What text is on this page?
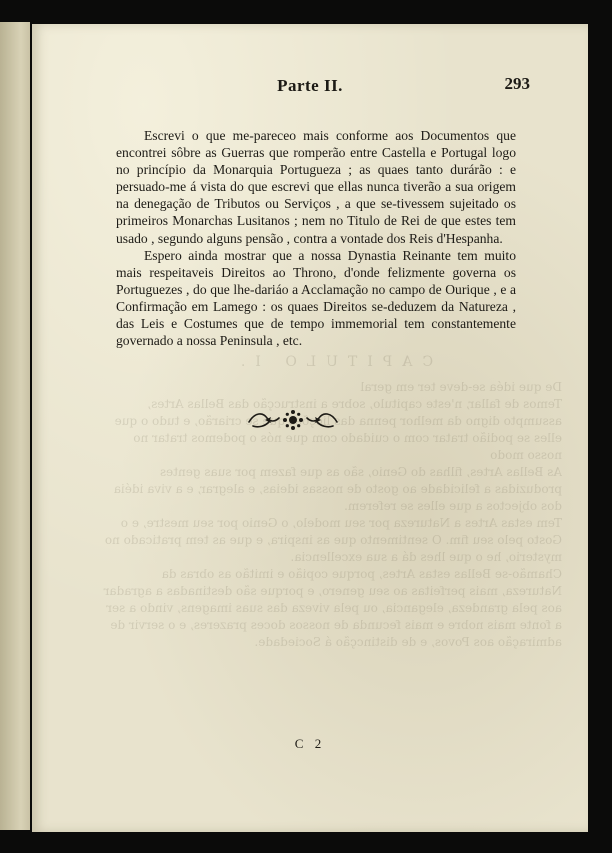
CAPITULO I.
De que idéa se-deve ter em geral
Temos de fallar, n'este capitulo, sobre a instrucção das Bellas Artes, assumpto digno da melhor penna das licções que se criarão, e tudo o que elles se podião tratar com o cuidado com que nós o podemos tratar no nosso modo
As Bellas Artes, filhas do Genio, são as que fazem por suas gentes produzidas a felicidade ao gosto de nossas ideias, e alegrar, e a viva idéia dos objectos a que elles se referem.
Tem estas Artes a Natureza por seu modelo, o Genio por seu mestre, e o Gosto pelo seu fim. O sentimento que as inspira, e que as tem praticado no mysterio, he o que lhes dá a sua excellencia.
Chamão-se Bellas estas Artes, porque copião e imitão as obras da Natureza, mais perfeitas ao seu genero, e porque são destinadas a agradar aos pela grandeza, elegancia, ou pela viveza das suas imagens, vindo a ser a fonte mais nobre e mais fecunda de nossos doces prazeres, e o servir de admiração aos Povos, e de distincção á Sociedade.
Parte II.	293

Escrevi o que me-pareceo mais conforme aos Documentos que encontrei sôbre as Guerras que romperão entre Castella e Portugal logo no princípio da Monarquia Portugueza ; as quaes tanto durárão : e persuado-me á vista do que escrevi que ellas nunca tiverão a sua origem na denegação de Tributos ou Serviços , a que se-tivessem sujeitado os primeiros Monarchas Lusitanos ; nem no Titulo de Rei de que estes tem usado , segundo alguns pensão , contra a vontade dos Reis d'Hespanha.

Espero ainda mostrar que a nossa Dynastia Reinante tem muito mais respeitaveis Direitos ao Throno, d'onde felizmente governa os Portuguezes , do que lhe-dariáo a Acclamação no campo de Ourique , e a Confirmação em Lamego : os quaes Direitos se-deduzem da Natureza , das Leis e Costumes que de tempo immemorial tem constantemente governado a nossa Peninsula , etc.

C 2
